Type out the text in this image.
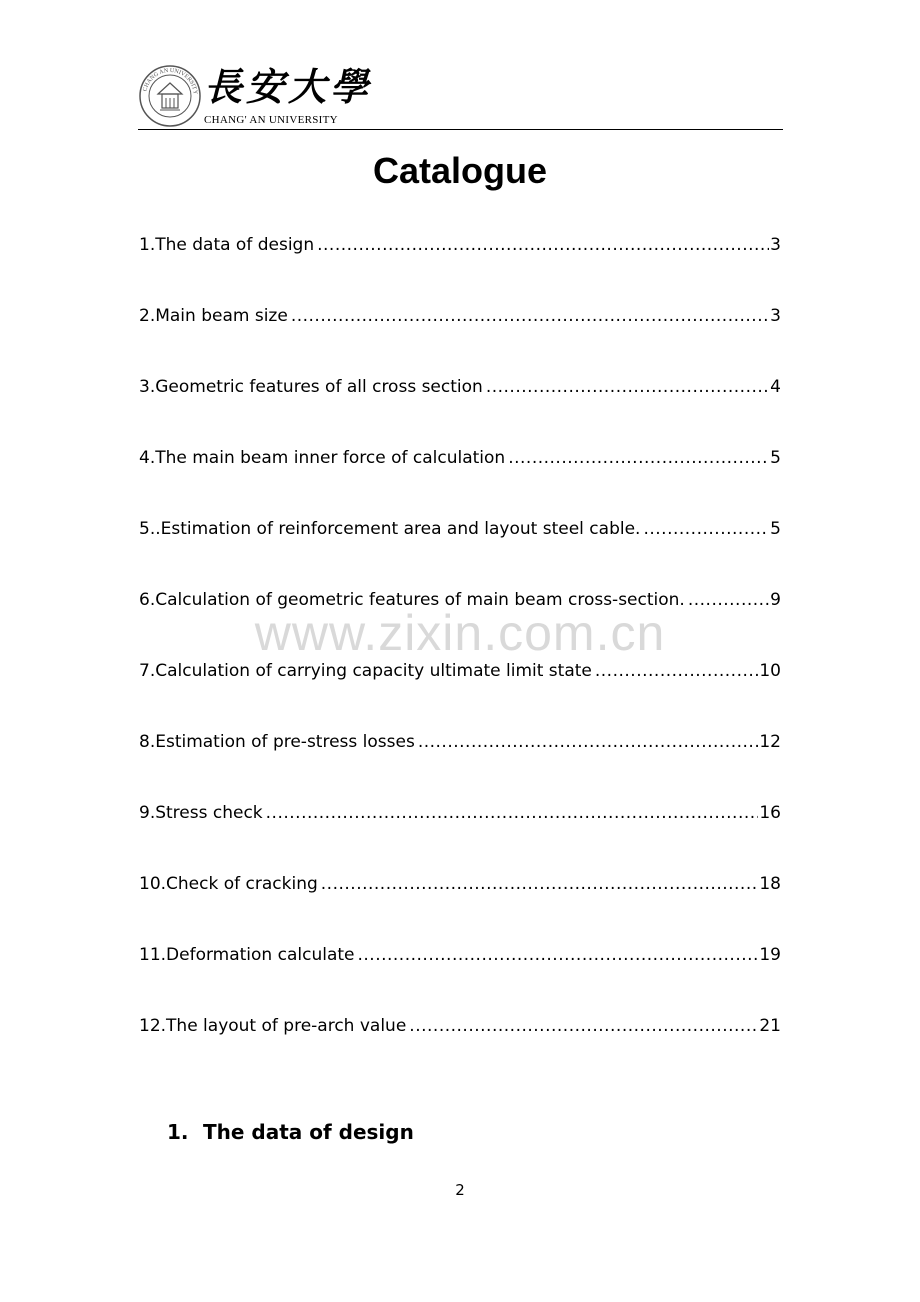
CHANG AN UNIVERSITY 長安大學
CHANG' AN UNIVERSITY
Catalogue
1.The data of design .....	3
2.Main beam size .....	3
3.Geometric features of all cross section .....	4
4.The main beam inner force of calculation .....	5
5..Estimation of reinforcement area and layout steel cable. .....	5
6.Calculation of geometric features of main beam cross-section. .....	9
7.Calculation of carrying capacity ultimate limit state .....	10
8.Estimation of pre-stress losses .....	12
9.Stress check .....	16
10.Check of cracking .....	18
11.Deformation calculate .....	19
12.The layout of pre-arch value .....	21
www.zixin.com.cn
1. The data of design
2
